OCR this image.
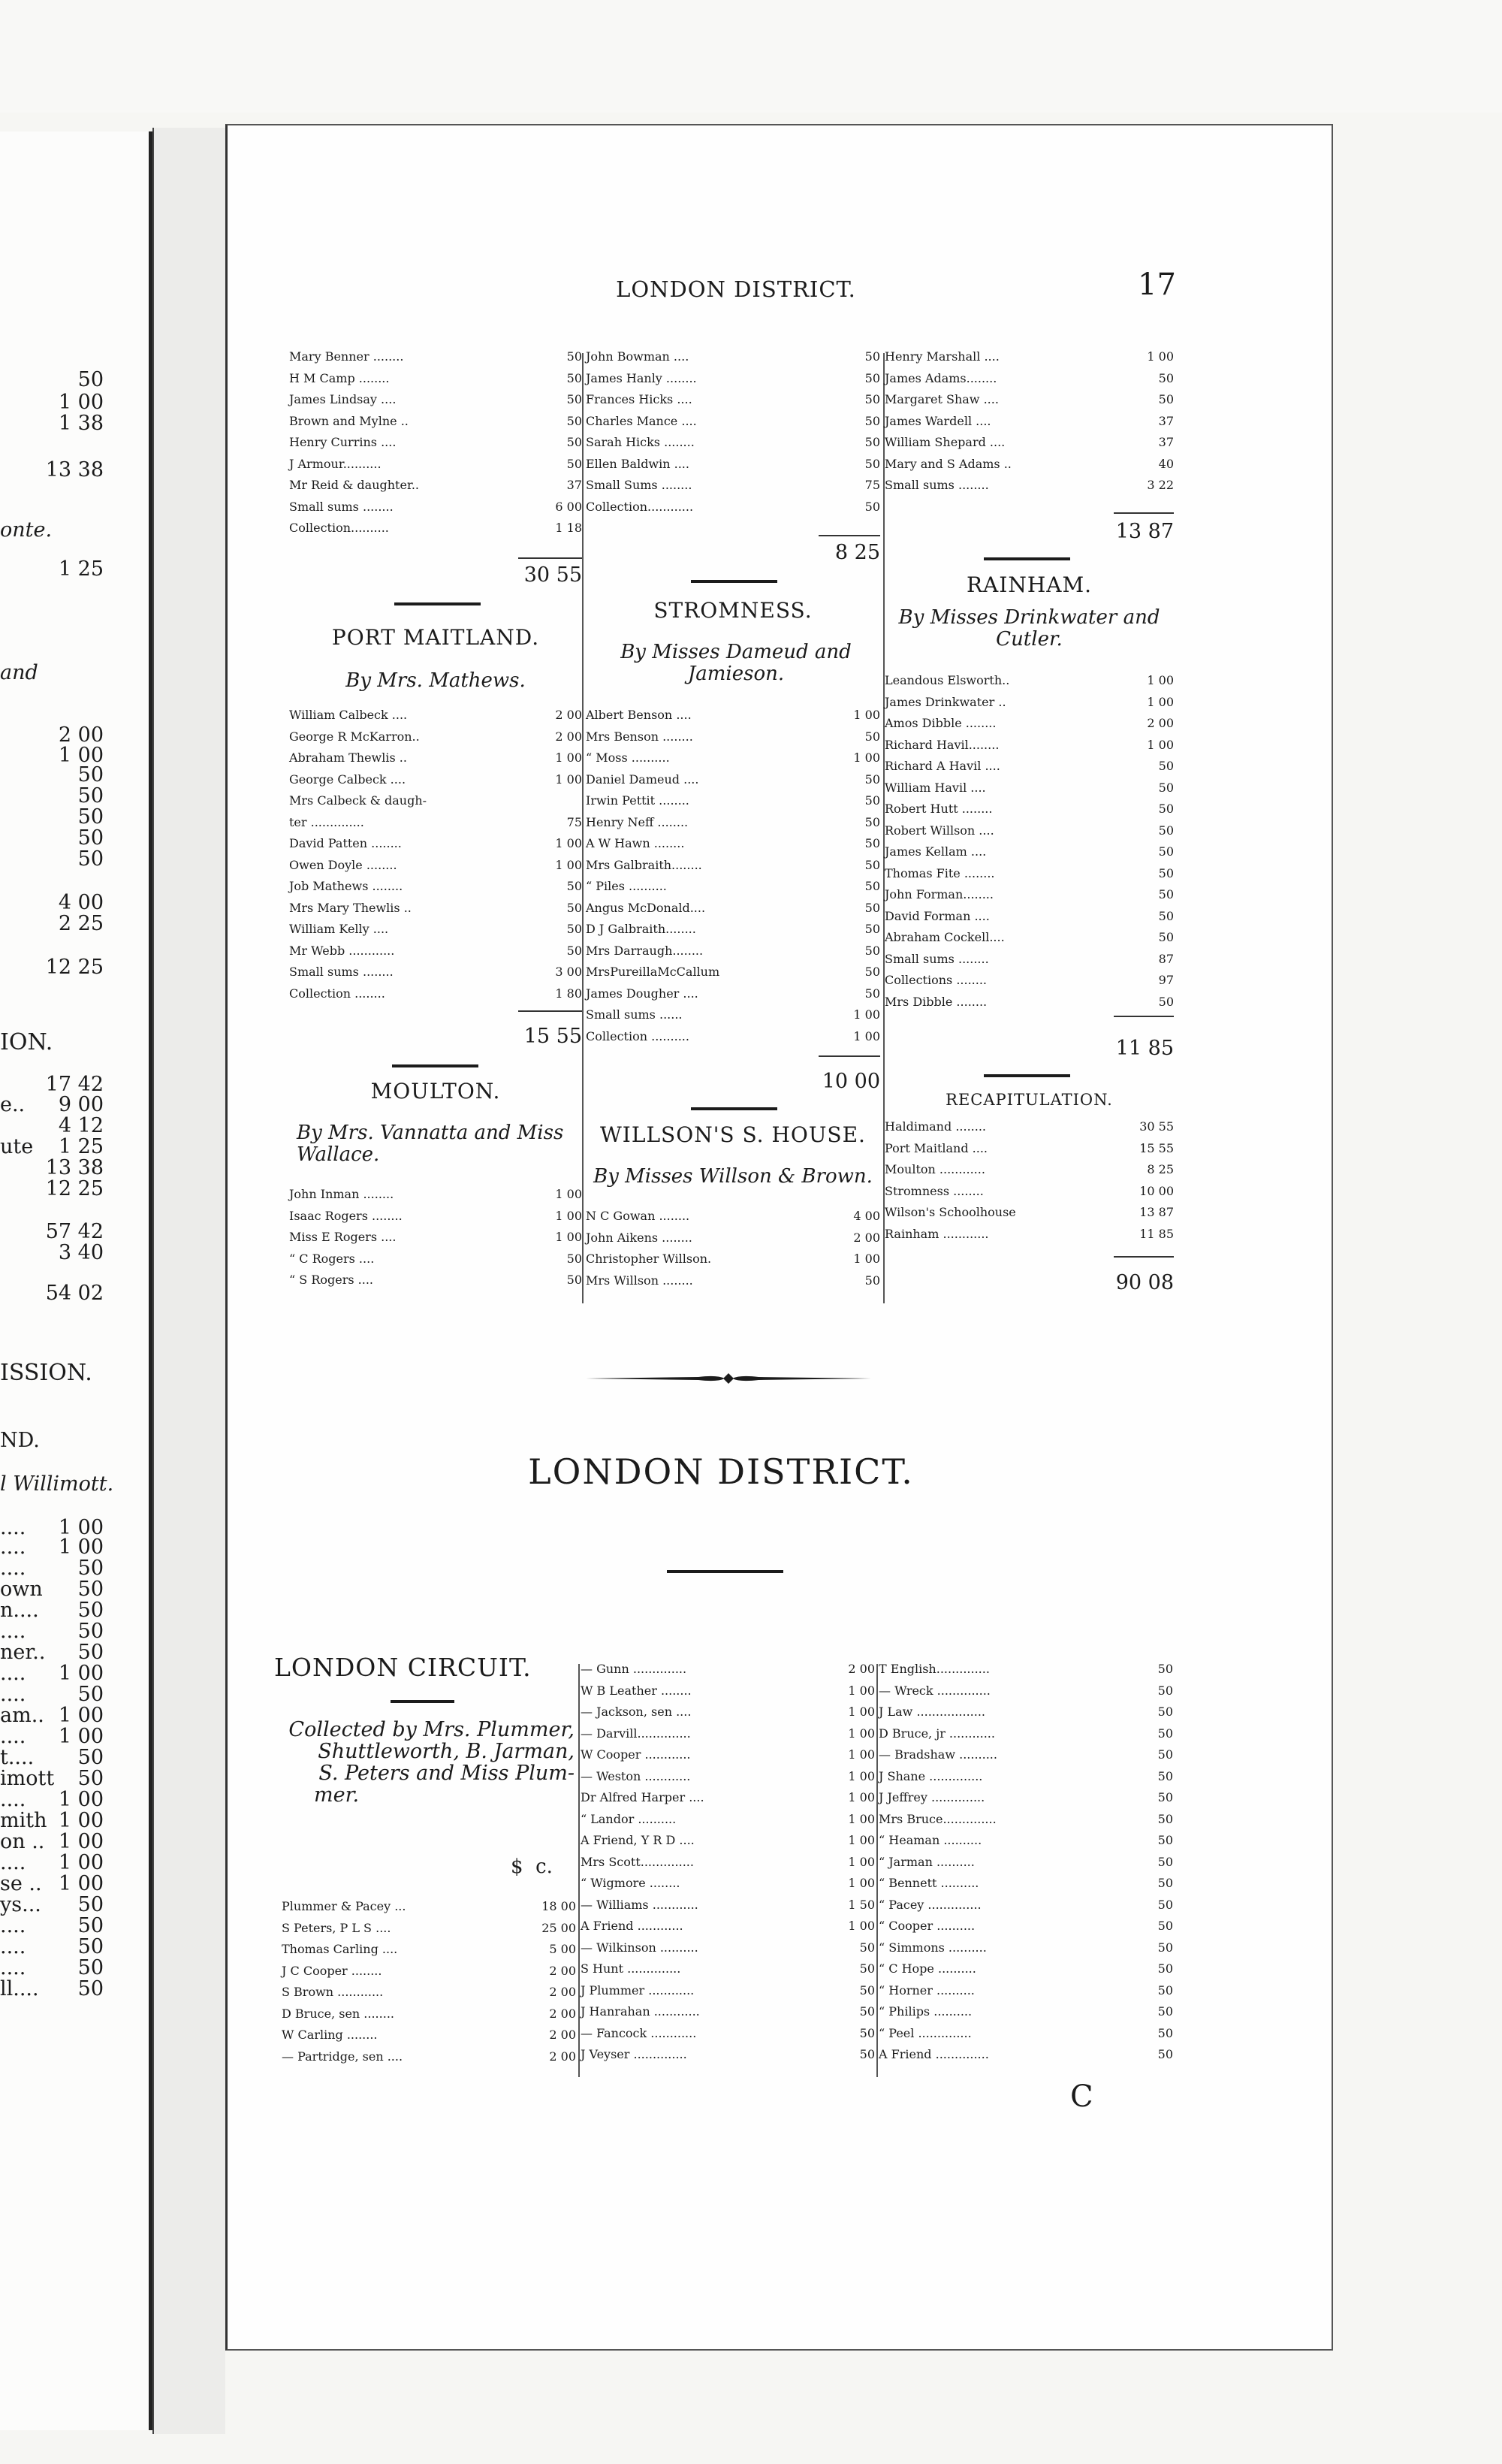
50
1 00
1 38
13 38
onte.
1 25
and
2 00
1 00
50
50
50
50
50
4 00
2 25
12 25
ION.
17 42
e.. 9 00
4 12
ute 1 25
13 38
12 25
57 42
3 40
54 02
ISSION.
ND.
l Willimott.
.... 1 00
.... 1 00
....	50
own 50
n.... 50
....	50
ner.. 50
.... 1 00
....	50
am.. 1 00
.... 1 00
t.... 50
imott 50
.... 1 00
mith 1 00
on .. 1 00
.... 1 00
se .. 1 00
ys... 50
....	50
....	50
....	50
ll.... 50
LONDON DISTRICT.	17
Mary Benner ........	50
H M Camp ........	50
James Lindsay ....	50
Brown and Mylne ..	50
Henry Currins ....	50
J Armour..........	50
Mr Reid & daughter..	37
Small sums ........	6 00
Collection..........	1 18
30 55
PORT MAITLAND.
By Mrs. Mathews.
William Calbeck ....	2 00
George R McKarron..	2 00
Abraham Thewlis ..	1 00
George Calbeck ....	1 00
Mrs Calbeck & daugh-
ter ..............	75
David Patten ........	1 00
Owen Doyle ........	1 00
Job Mathews ........	50
Mrs Mary Thewlis ..	50
William Kelly ....	50
Mr Webb ............	50
Small sums ........	3 00
Collection ........	1 80
15 55
MOULTON.
By Mrs. Vannatta and Miss Wallace.
John Inman ........	1 00
Isaac Rogers ........	1 00
Miss E Rogers ....	1 00
“ C Rogers ....	50
“ S Rogers ....	50
John Bowman ....	50
James Hanly ........	50
Frances Hicks ....	50
Charles Mance ....	50
Sarah Hicks ........	50
Ellen Baldwin ....	50
Small Sums ........	75
Collection............	50
8 25
STROMNESS.
By Misses Dameud and Jamieson.
Albert Benson ....	1 00
Mrs Benson ........	50
“ Moss ..........	1 00
Daniel Dameud ....	50
Irwin Pettit ........	50
Henry Neff ........	50
A W Hawn ........	50
Mrs Galbraith........	50
“ Piles ..........	50
Angus McDonald....	50
D J Galbraith........	50
Mrs Darraugh........	50
MrsPureillaMcCallum	50
James Dougher ....	50
Small sums ......	1 00
Collection ..........	1 00
10 00
WILLSON'S S. HOUSE.
By Misses Willson & Brown.
N C Gowan ........	4 00
John Aikens ........	2 00
Christopher Willson.	1 00
Mrs Willson ........	50
Henry Marshall ....	1 00
James Adams........	50
Margaret Shaw ....	50
James Wardell ....	37
William Shepard ....	37
Mary and S Adams ..	40
Small sums ........	3 22
13 87
RAINHAM.
By Misses Drinkwater and Cutler.
Leandous Elsworth..	1 00
James Drinkwater ..	1 00
Amos Dibble ........	2 00
Richard Havil........	1 00
Richard A Havil ....	50
William Havil ....	50
Robert Hutt ........	50
Robert Willson ....	50
James Kellam ....	50
Thomas Fite ........	50
John Forman........	50
David Forman ....	50
Abraham Cockell....	50
Small sums ........	87
Collections ........	97
Mrs Dibble ........	50
11 85
RECAPITULATION.
Haldimand ........	30 55
Port Maitland ....	15 55
Moulton ............	8 25
Stromness ........	10 00
Wilson's Schoolhouse	13 87
Rainham ............	11 85
90 08
LONDON DISTRICT.
LONDON CIRCUIT.
Collected by Mrs. Plummer,
Shuttleworth, B. Jarman,
S. Peters and Miss Plum-
mer.
$  c.
Plummer & Pacey ...	18 00
S Peters, P L S ....	25 00
Thomas Carling ....	5 00
J C Cooper ........	2 00
S Brown ............	2 00
D Bruce, sen ........	2 00
W Carling ........	2 00
— Partridge, sen ....	2 00
— Gunn ..............	2 00
W B Leather ........	1 00
— Jackson, sen ....	1 00
— Darvill..............	1 00
W Cooper ............	1 00
— Weston ............	1 00
Dr Alfred Harper ....	1 00
“ Landor ..........	1 00
A Friend, Y R D ....	1 00
Mrs Scott..............	1 00
“ Wigmore ........	1 00
— Williams ............	1 50
A Friend ............	1 00
— Wilkinson ..........	50
S Hunt ..............	50
J Plummer ............	50
J Hanrahan ............	50
— Fancock ............	50
J Veyser ..............	50
T English..............	50
— Wreck ..............	50
J Law ..................	50
D Bruce, jr ............	50
— Bradshaw ..........	50
J Shane ..............	50
J Jeffrey ..............	50
Mrs Bruce..............	50
“ Heaman ..........	50
“ Jarman ..........	50
“ Bennett ..........	50
“ Pacey ..............	50
“ Cooper ..........	50
“ Simmons ..........	50
“ C Hope ..........	50
“ Horner ..........	50
“ Philips ..........	50
“ Peel ..............	50
A Friend ..............	50
C
